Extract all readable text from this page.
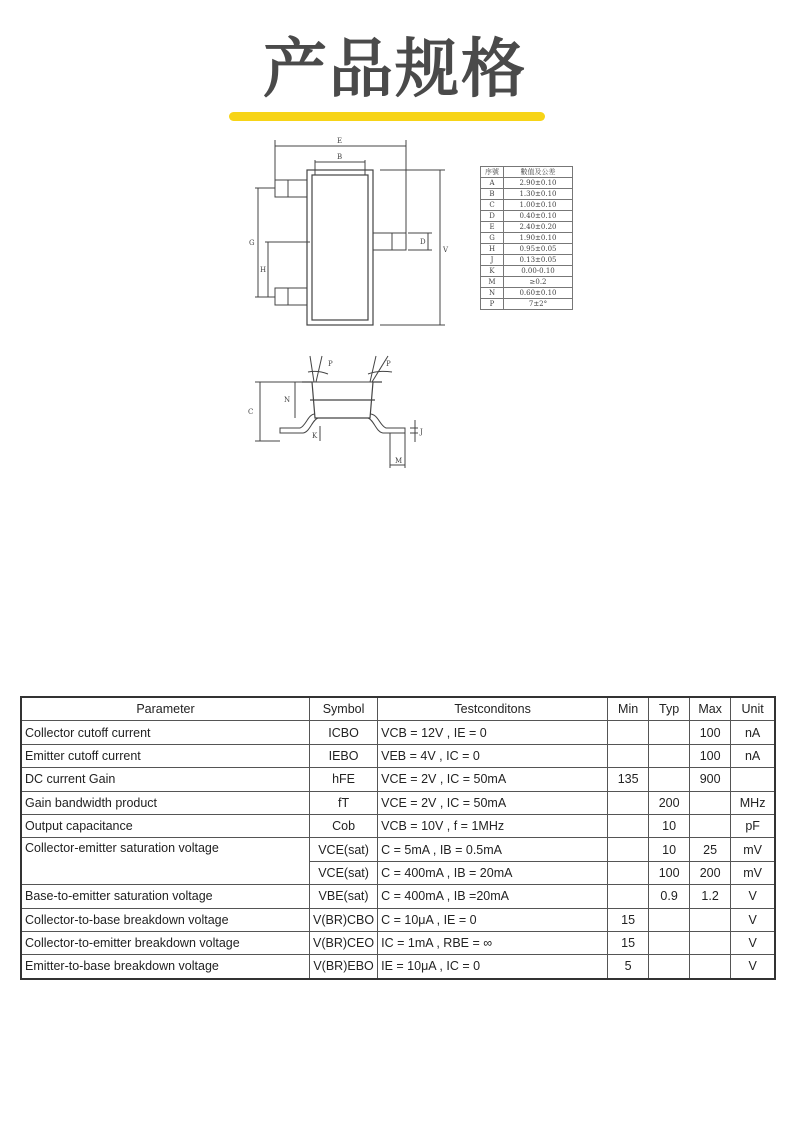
产品规格
E
B
V
D
G
H
P	P
N
C
K	J
M
序號	數值及公差
A	2.90±0.10
B	1.30±0.10
C	1.00±0.10
D	0.40±0.10
E	2.40±0.20
G	1.90±0.10
H	0.95±0.05
J	0.13±0.05
K	0.00-0.10
M	≥0.2
N	0.60±0.10
P	7±2°
Parameter	Symbol	Testconditons	Min	Typ	Max	Unit
Collector cutoff current	ICBO	VCB = 12V , IE = 0			100	nA
Emitter cutoff current	IEBO	VEB = 4V , IC = 0			100	nA
DC current Gain	hFE	VCE = 2V , IC = 50mA	135		900	
Gain bandwidth product	fT	VCE = 2V , IC = 50mA		200		MHz
Output capacitance	Cob	VCB = 10V , f = 1MHz		10		pF
Collector-emitter saturation voltage	VCE(sat)	C = 5mA , IB = 0.5mA		10	25	mV
	VCE(sat)	C = 400mA , IB = 20mA		100	200	mV
Base-to-emitter saturation voltage	VBE(sat)	C = 400mA , IB =20mA		0.9	1.2	V
Collector-to-base breakdown voltage	V(BR)CBO	C = 10μA , IE = 0	15			V
Collector-to-emitter breakdown voltage	V(BR)CEO	IC = 1mA , RBE = ∞	15			V
Emitter-to-base breakdown voltage	V(BR)EBO	IE = 10μA , IC = 0	5			V
